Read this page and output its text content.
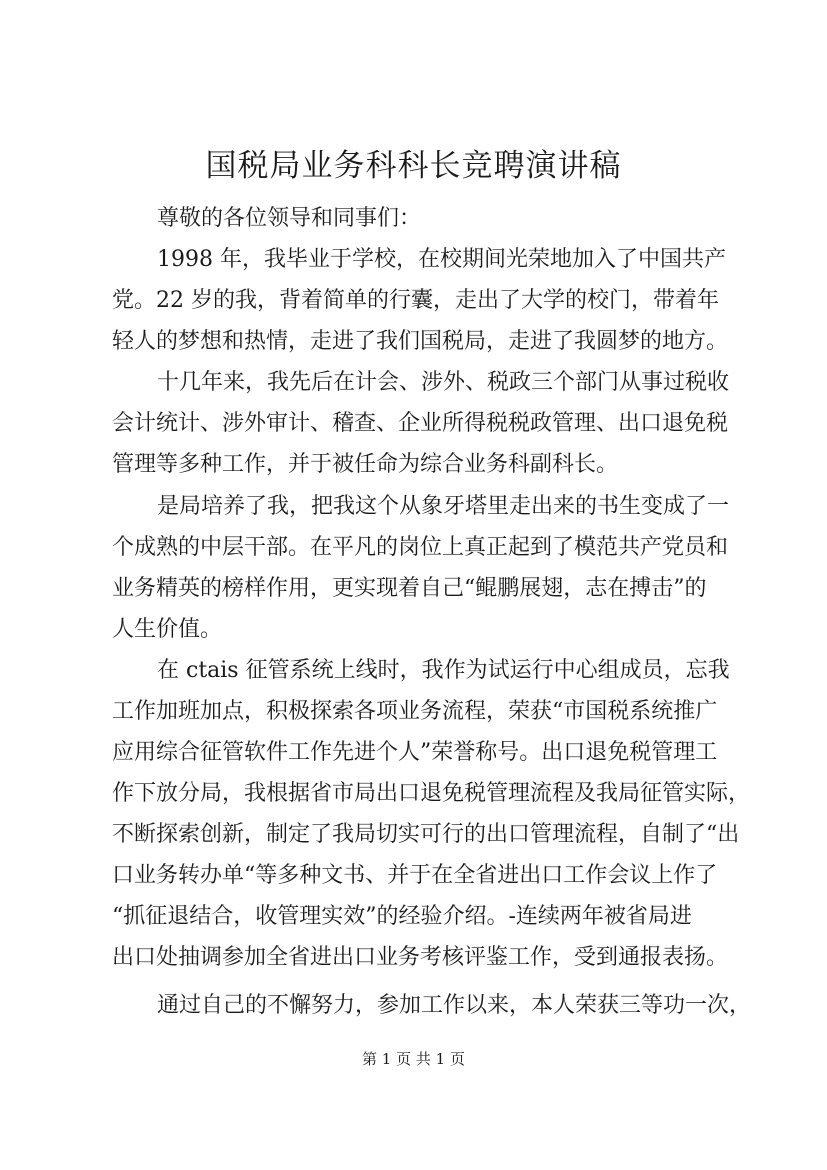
国税局业务科科长竞聘演讲稿
尊敬的各位领导和同事们：
1998 年，我毕业于学校，在校期间光荣地加入了中国共产
党。22 岁的我，背着简单的行囊，走出了大学的校门，带着年
轻人的梦想和热情，走进了我们国税局，走进了我圆梦的地方。
十几年来，我先后在计会、涉外、税政三个部门从事过税收
会计统计、涉外审计、稽查、企业所得税税政管理、出口退免税
管理等多种工作，并于被任命为综合业务科副科长。
是局培养了我，把我这个从象牙塔里走出来的书生变成了一
个成熟的中层干部。在平凡的岗位上真正起到了模范共产党员和
业务精英的榜样作用，更实现着自己“鲲鹏展翅，志在搏击”的
人生价值。
在 ctais 征管系统上线时，我作为试运行中心组成员，忘我
工作加班加点，积极探索各项业务流程，荣获“市国税系统推广
应用综合征管软件工作先进个人”荣誉称号。出口退免税管理工
作下放分局，我根据省市局出口退免税管理流程及我局征管实际，
不断探索创新，制定了我局切实可行的出口管理流程，自制了“出
口业务转办单“等多种文书、并于在全省进出口工作会议上作了
“抓征退结合，收管理实效”的经验介绍。-连续两年被省局进
出口处抽调参加全省进出口业务考核评鉴工作，受到通报表扬。
通过自己的不懈努力，参加工作以来，本人荣获三等功一次，
第 1 页 共 1 页
